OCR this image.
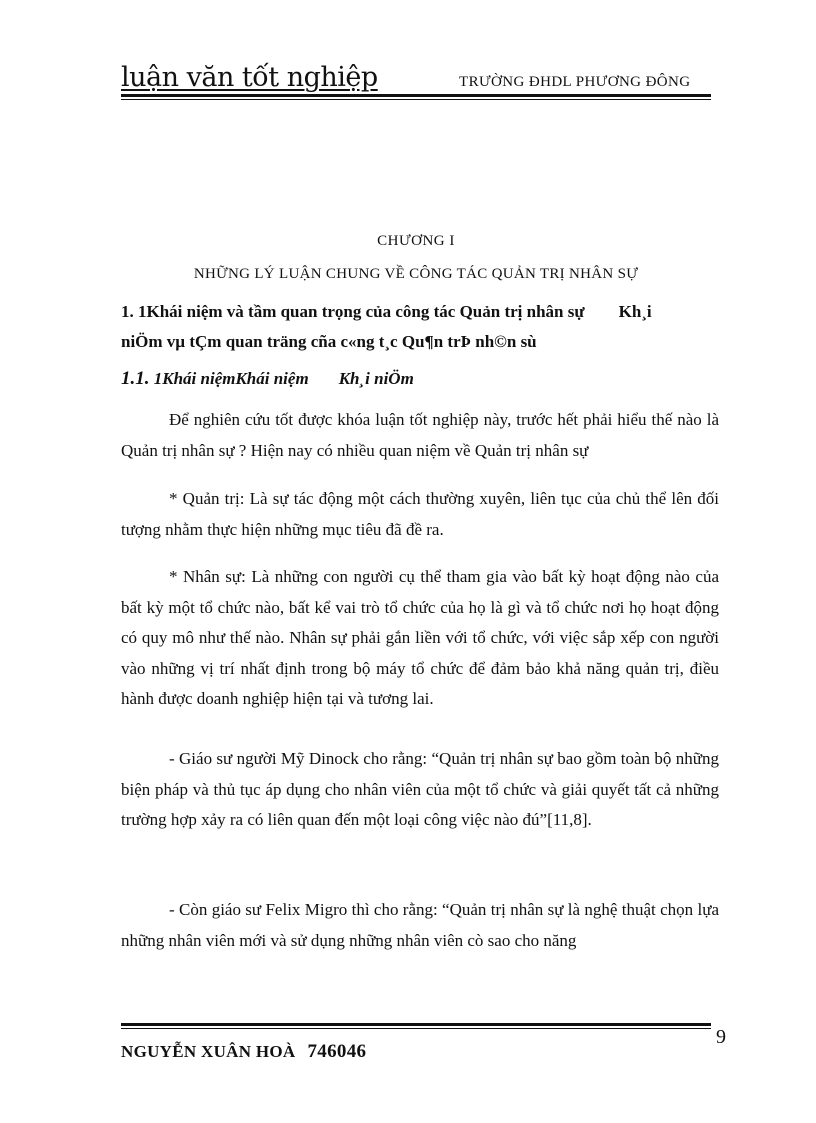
luận văn tốt nghiệp	TRƯỜNG ĐHDL PHƯƠNG ĐÔNG
CHƯƠNG I
NHỮNG LÝ LUẬN CHUNG VỀ CÔNG TÁC QUẢN TRỊ NHÂN SỰ
1. 1Khái niệm và tầm quan trọng của công tác Quản trị nhân sự Kh¸i
niÖm vµ tÇm quan träng cña c«ng t¸c Qu¶n trÞ nh©n sù
1.1. 1Khái niệmKhái niệm Kh¸i niÖm

Để nghiên cứu tốt được khóa luận tốt nghiệp này, trước hết phải hiểu thế nào là Quản trị nhân sự ? Hiện nay có nhiều quan niệm về Quản trị nhân sự

* Quản trị: Là sự tác động một cách thường xuyên, liên tục của chủ thể lên đối tượng nhằm thực hiện những mục tiêu đã đề ra.

* Nhân sự: Là những con người cụ thể tham gia vào bất kỳ hoạt động nào của bất kỳ một tổ chức nào, bất kể vai trò tổ chức của họ là gì và tổ chức nơi họ hoạt động có quy mô như thế nào. Nhân sự phải gắn liền với tổ chức, với việc sắp xếp con người vào những vị trí nhất định trong bộ máy tổ chức để đảm bảo khả năng quản trị, điều hành được doanh nghiệp hiện tại và tương lai.

- Giáo sư người Mỹ Dinock cho rằng: “Quản trị nhân sự bao gồm toàn bộ những biện pháp và thủ tục áp dụng cho nhân viên của một tổ chức và giải quyết tất cả những trường hợp xảy ra có liên quan đến một loại công việc nào đú”[11,8].

- Còn giáo sư Felix Migro thì cho rằng: “Quản trị nhân sự là nghệ thuật chọn lựa những nhân viên mới và sử dụng những nhân viên cò sao cho năng

NGUYỄN XUÂN HOÀ 746046
9
